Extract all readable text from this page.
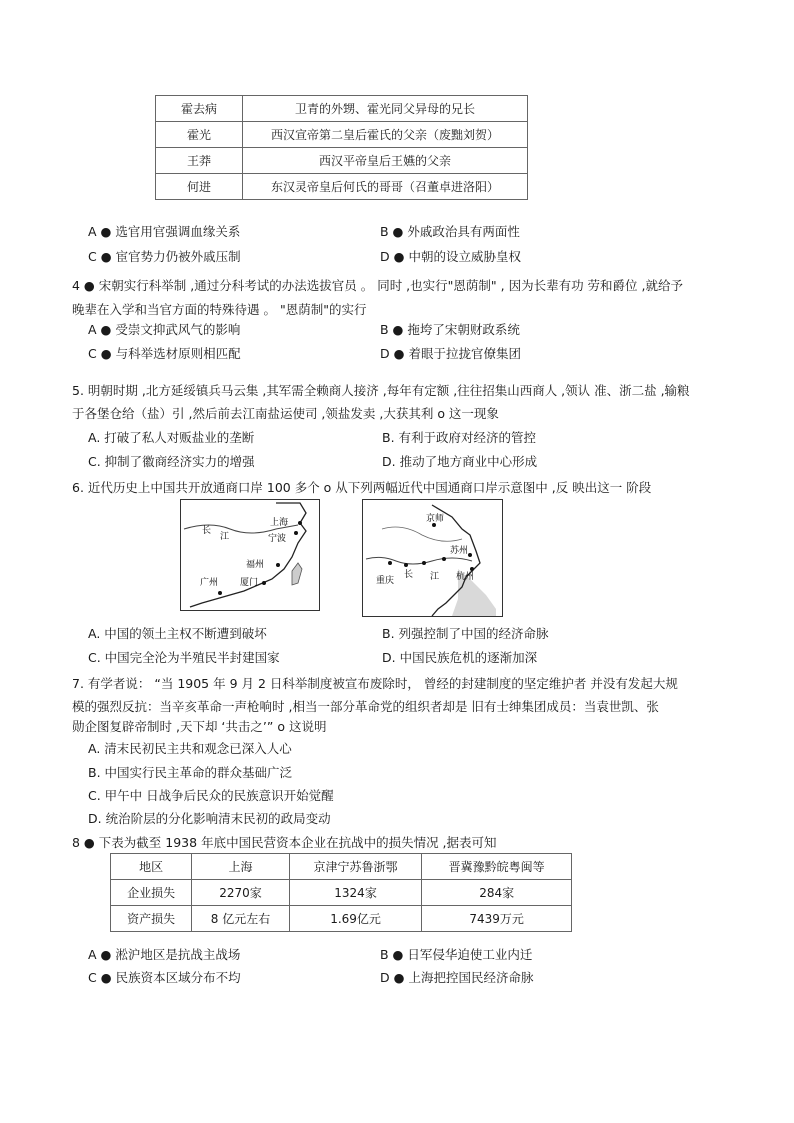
霍去病	卫青的外甥、霍光同父异母的兄长
霍光	西汉宣帝第二皇后霍氏的父亲（废黜刘贺）
王莽	西汉平帝皇后王嬿的父亲
何进	东汉灵帝皇后何氏的哥哥（召董卓进洛阳）
A ● 选官用官强调血缘关系	B ● 外戚政治具有两面性
C ● 宦官势力仍被外戚压制	D ● 中朝的设立威胁皇权
4 ● 宋朝实行科举制 ,通过分科考试的办法选拔官员 。 同时 ,也实行"恩荫制" , 因为长辈有功 劳和爵位 ,就给予
晚辈在入学和当官方面的特殊待遇 。 "恩荫制"的实行
A ● 受崇文抑武风气的影响	B ● 拖垮了宋朝财政系统
C ● 与科举选材原则相匹配	D ● 着眼于拉拢官僚集团
5. 明朝时期 ,北方延绥镇兵马云集 ,其军需全赖商人接济 ,每年有定额 ,往往招集山西商人 ,领认 准、浙二盐 ,输粮
于各堡仓给（盐）引 ,然后前去江南盐运使司 ,领盐发卖 ,大获其利 o 这一现象
A. 打破了私人对贩盐业的垄断	B. 有利于政府对经济的管控
C. 抑制了徽商经济实力的增强	D. 推动了地方商业中心形成
6. 近代历史上中国共开放通商口岸 100 多个 o 从下列两幅近代中国通商口岸示意图中 ,反 映出这一 阶段
长
江
上海
宁波
福州
厦门
广州
京师
苏州
杭州
重庆
长 江
A. 中国的领土主权不断遭到破坏	B. 列强控制了中国的经济命脉
C. 中国完全沦为半殖民半封建国家	D. 中国民族危机的逐渐加深
7. 有学者说： “当 1905 年 9 月 2 日科举制度被宣布废除时， 曾经的封建制度的坚定维护者 并没有发起大规
模的强烈反抗：当辛亥革命一声枪响时 ,相当一部分革命党的组织者却是 旧有士绅集团成员：当袁世凯、张
勋企图复辟帝制时 ,天下却 ‘共击之’” o 这说明
A. 清末民初民主共和观念已深入人心
B. 中国实行民主革命的群众基础广泛
C. 甲午中 日战争后民众的民族意识开始觉醒
D. 统治阶层的分化影响清末民初的政局变动
8 ● 下表为截至 1938 年底中国民营资本企业在抗战中的损失情况 ,据表可知
地区	上海	京津宁苏鲁浙鄂	晋冀豫黔皖粤闽等
企业损失	2270家	1324家	284家
资产损失	8 亿元左右	1.69亿元	7439万元
A ● 淞沪地区是抗战主战场	B ● 日军侵华迫使工业内迁
C ● 民族资本区域分布不均	D ● 上海把控国民经济命脉
